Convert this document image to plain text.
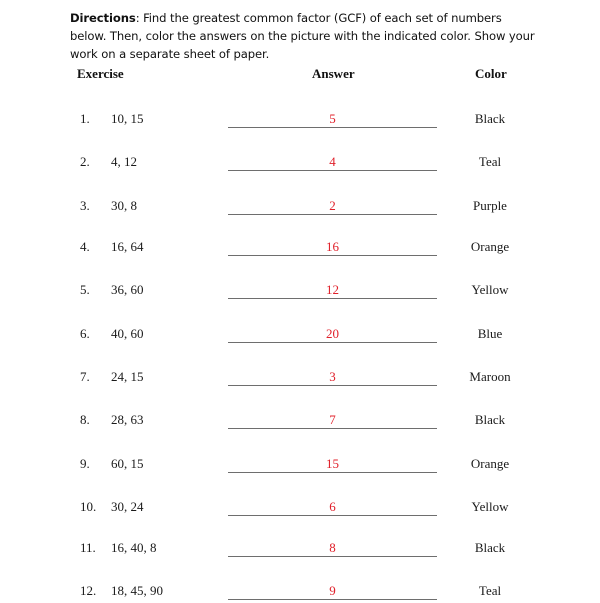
Directions: Find the greatest common factor (GCF) of each set of numbers below. Then, color the answers on the picture with the indicated color. Show your work on a separate sheet of paper.
Exercise	Answer	Color
1. 10, 15	5	Black
2. 4, 12	4	Teal
3. 30, 8	2	Purple
4. 16, 64	16	Orange
5. 36, 60	12	Yellow
6. 40, 60	20	Blue
7. 24, 15	3	Maroon
8. 28, 63	7	Black
9. 60, 15	15	Orange
10. 30, 24	6	Yellow
11. 16, 40, 8	8	Black
12. 18, 45, 90	9	Teal
